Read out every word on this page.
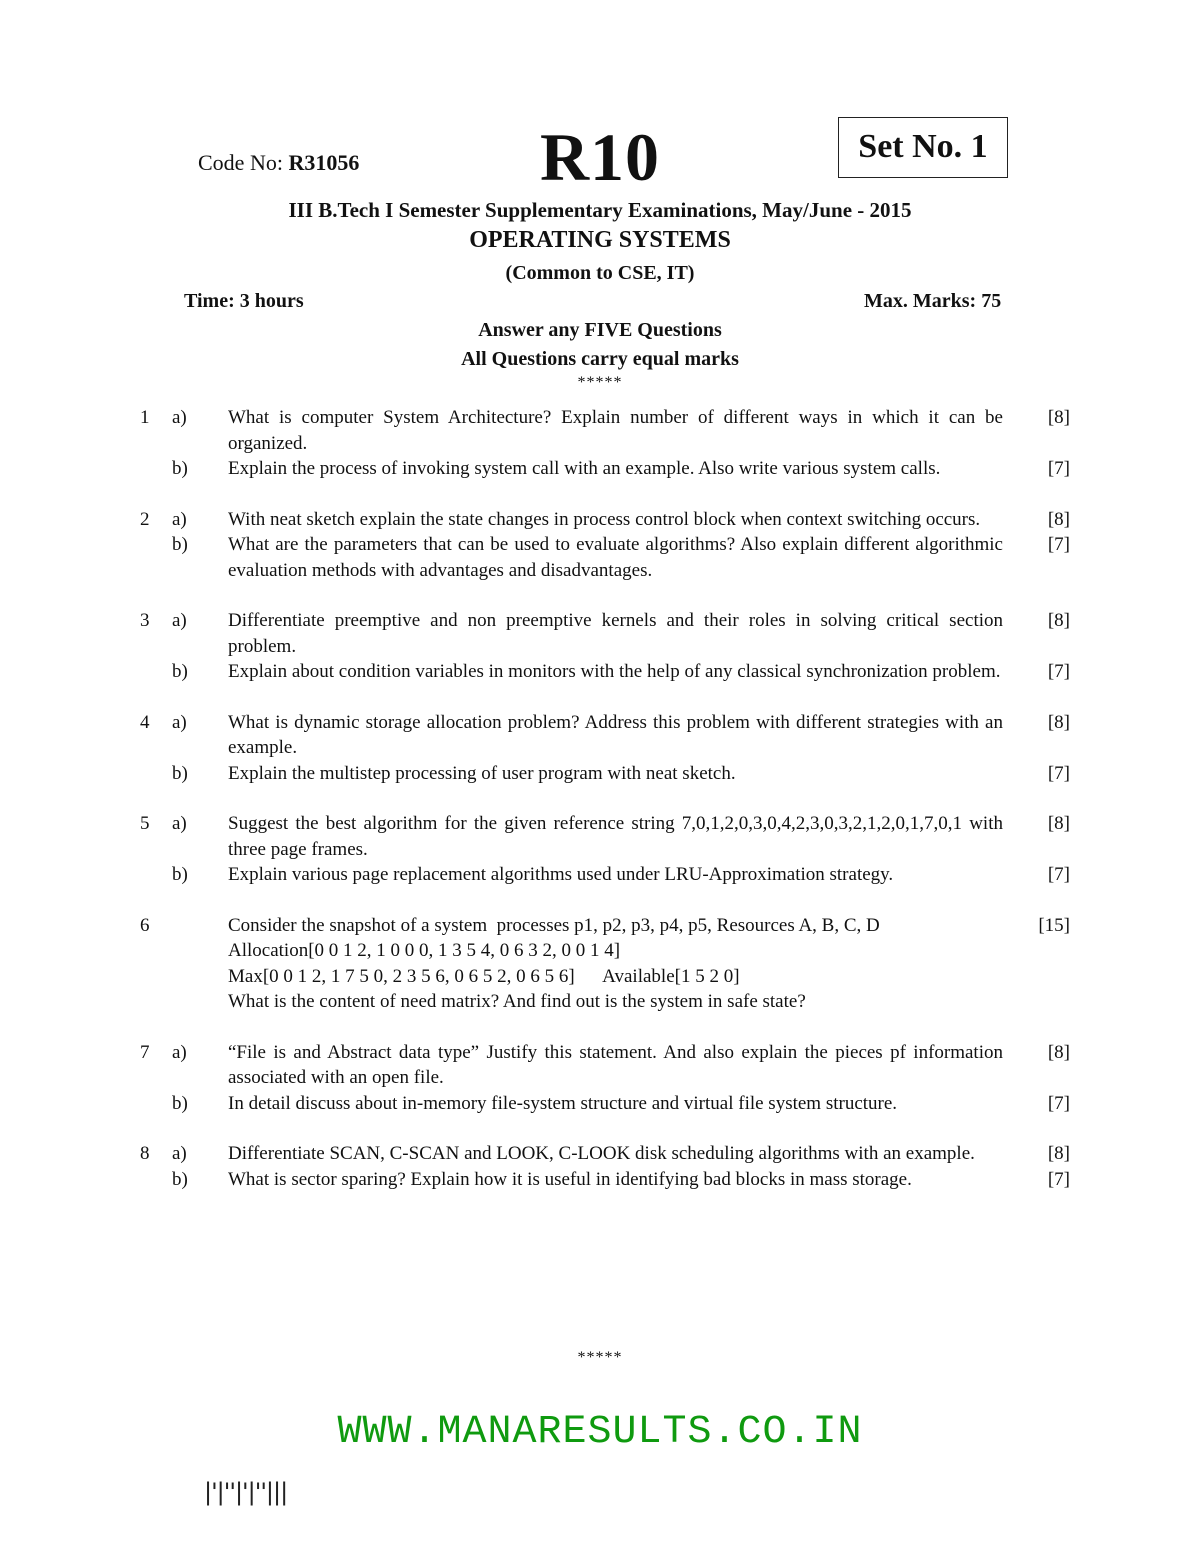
Code No: R31056	R10	Set No. 1
III B.Tech I Semester Supplementary Examinations, May/June - 2015
OPERATING SYSTEMS
(Common to CSE, IT)
Time: 3 hours	Max. Marks: 75
Answer any FIVE Questions
All Questions carry equal marks
*****
1 a) What is computer System Architecture? Explain number of different ways in which it can be organized.
[8]
b) Explain the process of invoking system call with an example. Also write various system calls.	[7]
2 a) With neat sketch explain the state changes in process control block when context switching occurs.	[8]
b) What are the parameters that can be used to evaluate algorithms? Also explain different algorithmic evaluation methods with advantages and disadvantages.
[7]
3 a) Differentiate preemptive and non preemptive kernels and their roles in solving critical section problem.
[8]
b) Explain about condition variables in monitors with the help of any classical synchronization problem.	[7]
4 a) What is dynamic storage allocation problem? Address this problem with different strategies with an example.
[8]
b) Explain the multistep processing of user program with neat sketch.	[7]
5 a) Suggest the best algorithm for the given reference string 7,0,1,2,0,3,0,4,2,3,0,3,2,1,2,0,1,7,0,1 with three page frames.
[8]
b) Explain various page replacement algorithms used under LRU-Approximation strategy.	[7]
6	Consider the snapshot of a system  processes p1, p2, p3, p4, p5, Resources A, B, C, D
Allocation[0 0 1 2, 1 0 0 0, 1 3 5 4, 0 6 3 2, 0 0 1 4]
Max[0 0 1 2, 1 7 5 0, 2 3 5 6, 0 6 5 2, 0 6 5 6]      Available[1 5 2 0]
What is the content of need matrix? And find out is the system in safe state?
[15]
7 a) “File is and Abstract data type” Justify this statement. And also explain the pieces pf information associated with an open file.
[8]
b) In detail discuss about in-memory file-system structure and virtual file system structure.	[7]
8 a) Differentiate SCAN, C-SCAN and LOOK, C-LOOK disk scheduling algorithms with an example.	[8]
b) What is sector sparing? Explain how it is useful in identifying bad blocks in mass storage.	[7]
*****
WWW.MANARESULTS.CO.IN
|'|''|'|''|||
